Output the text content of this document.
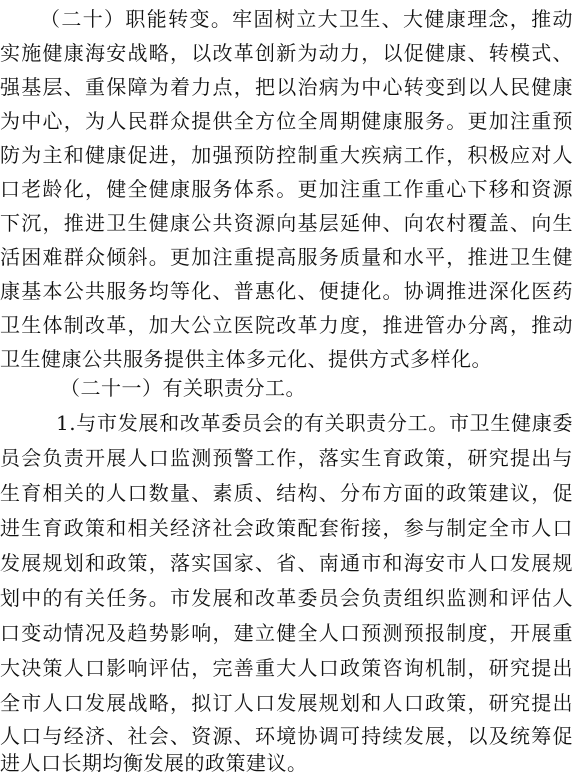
（二十）职能转变。牢固树立大卫生、大健康理念，推动
实施健康海安战略，以改革创新为动力，以促健康、转模式、
强基层、重保障为着力点，把以治病为中心转变到以人民健康
为中心，为人民群众提供全方位全周期健康服务。更加注重预
防为主和健康促进，加强预防控制重大疾病工作，积极应对人
口老龄化，健全健康服务体系。更加注重工作重心下移和资源
下沉，推进卫生健康公共资源向基层延伸、向农村覆盖、向生
活困难群众倾斜。更加注重提高服务质量和水平，推进卫生健
康基本公共服务均等化、普惠化、便捷化。协调推进深化医药
卫生体制改革，加大公立医院改革力度，推进管办分离，推动
卫生健康公共服务提供主体多元化、提供方式多样化。
（二十一）有关职责分工。
1.与市发展和改革委员会的有关职责分工。市卫生健康委
员会负责开展人口监测预警工作，落实生育政策，研究提出与
生育相关的人口数量、素质、结构、分布方面的政策建议，促
进生育政策和相关经济社会政策配套衔接，参与制定全市人口
发展规划和政策，落实国家、省、南通市和海安市人口发展规
划中的有关任务。市发展和改革委员会负责组织监测和评估人
口变动情况及趋势影响，建立健全人口预测预报制度，开展重
大决策人口影响评估，完善重大人口政策咨询机制，研究提出
全市人口发展战略，拟订人口发展规划和人口政策，研究提出
人口与经济、社会、资源、环境协调可持续发展，以及统筹促
进人口长期均衡发展的政策建议。
